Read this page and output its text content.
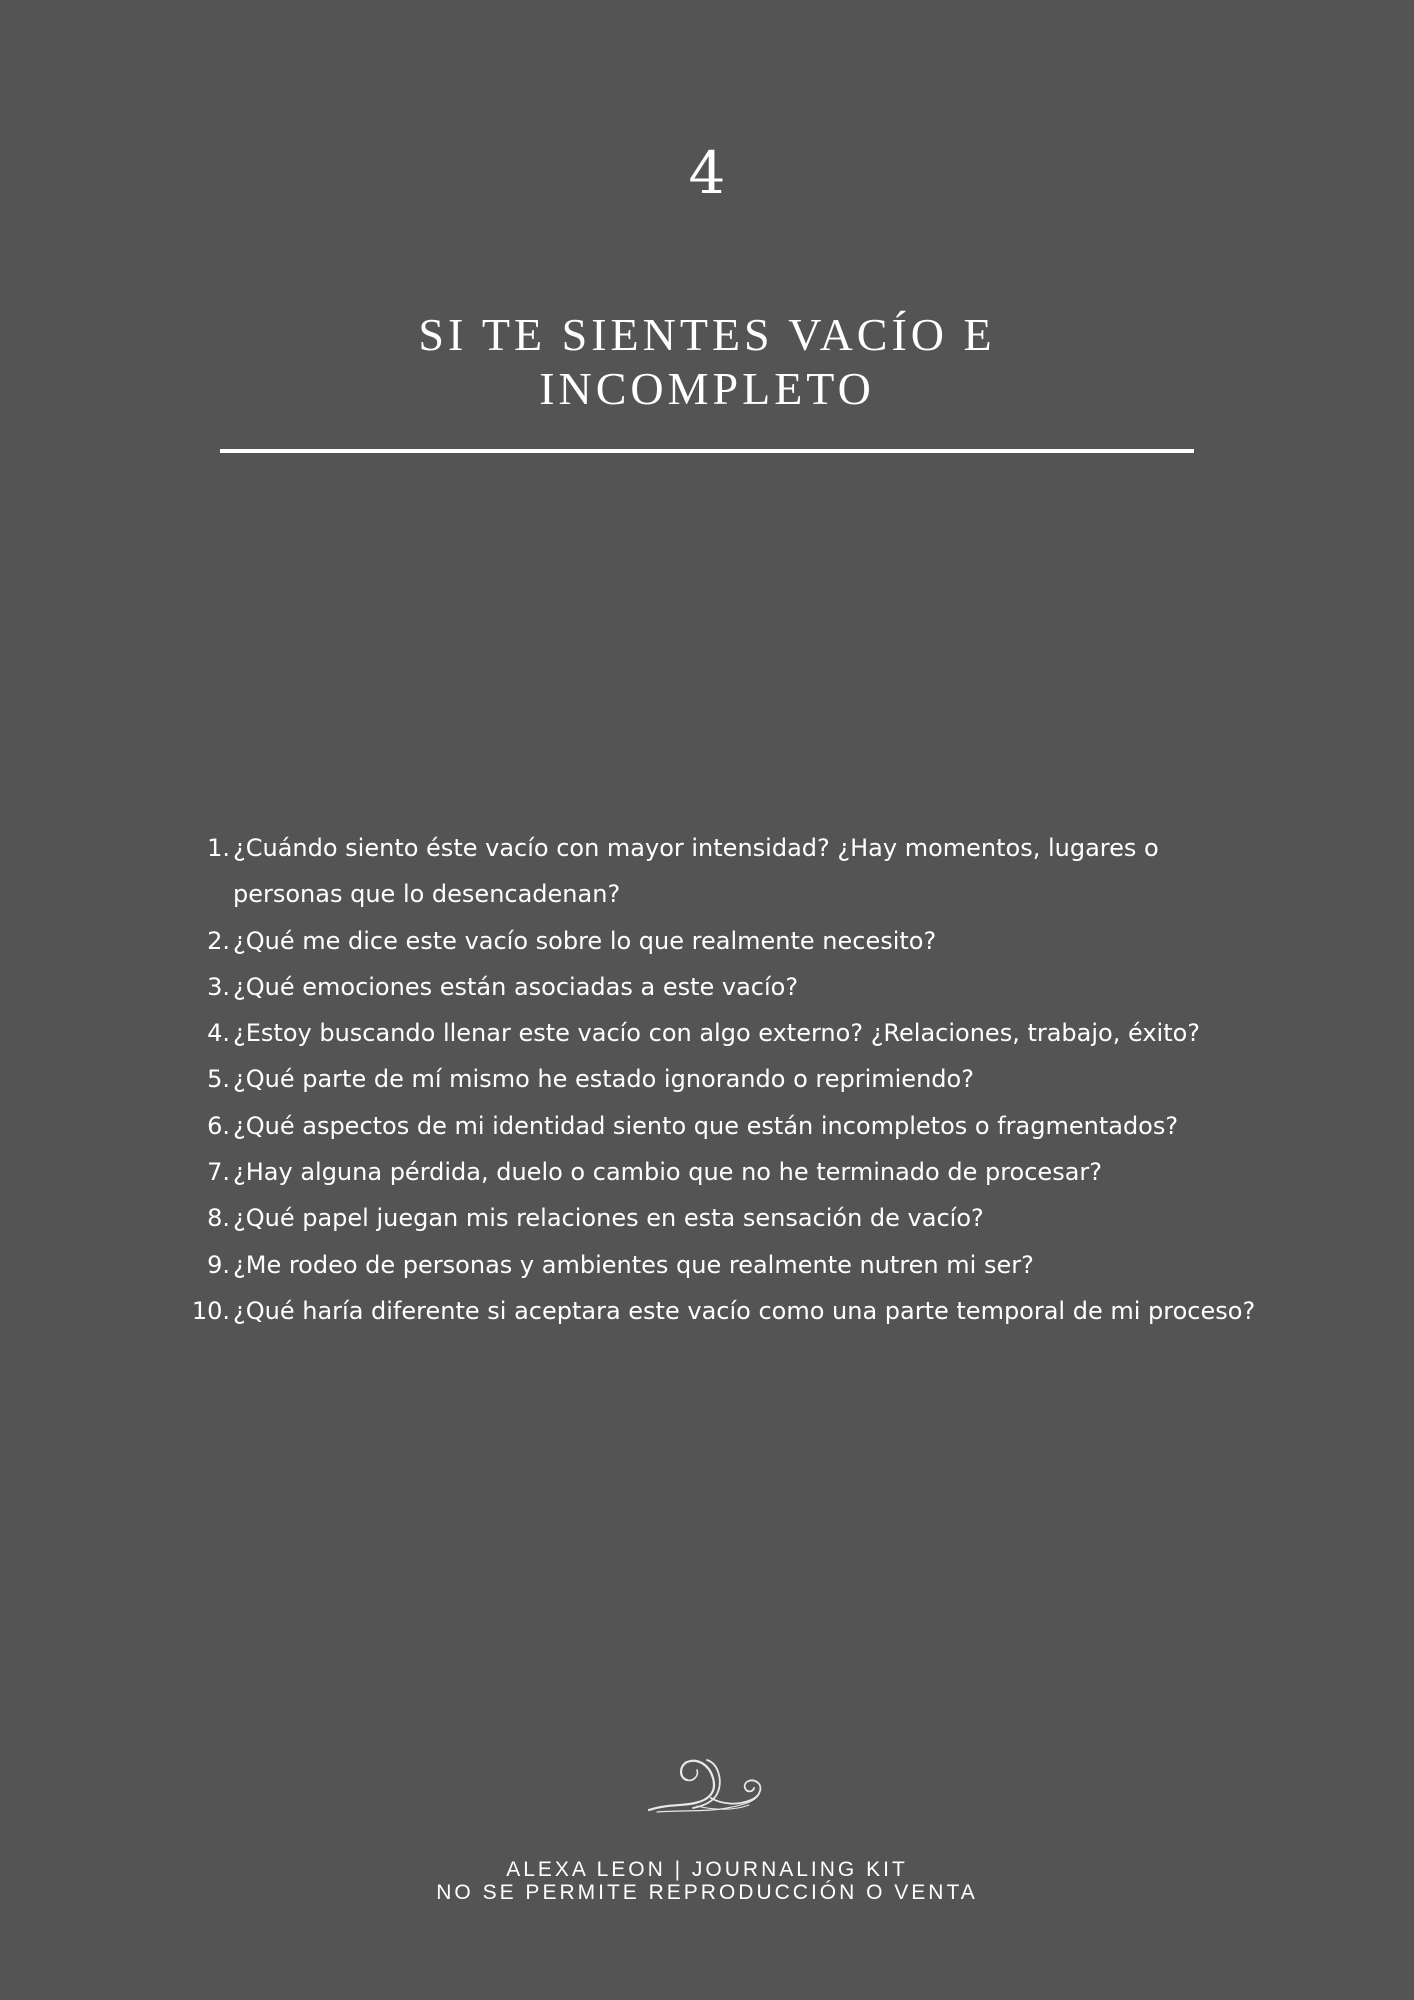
4
SI TE SIENTES VACÍO E
INCOMPLETO
1. ¿Cuándo siento éste vacío con mayor intensidad? ¿Hay momentos, lugares o personas que lo desencadenan?
2. ¿Qué me dice este vacío sobre lo que realmente necesito?
3. ¿Qué emociones están asociadas a este vacío?
4. ¿Estoy buscando llenar este vacío con algo externo? ¿Relaciones, trabajo, éxito?
5. ¿Qué parte de mí mismo he estado ignorando o reprimiendo?
6. ¿Qué aspectos de mi identidad siento que están incompletos o fragmentados?
7. ¿Hay alguna pérdida, duelo o cambio que no he terminado de procesar?
8. ¿Qué papel juegan mis relaciones en esta sensación de vacío?
9. ¿Me rodeo de personas y ambientes que realmente nutren mi ser?
10. ¿Qué haría diferente si aceptara este vacío como una parte temporal de mi proceso?
ALEXA LEON | JOURNALING KIT
NO SE PERMITE REPRODUCCIÓN O VENTA
